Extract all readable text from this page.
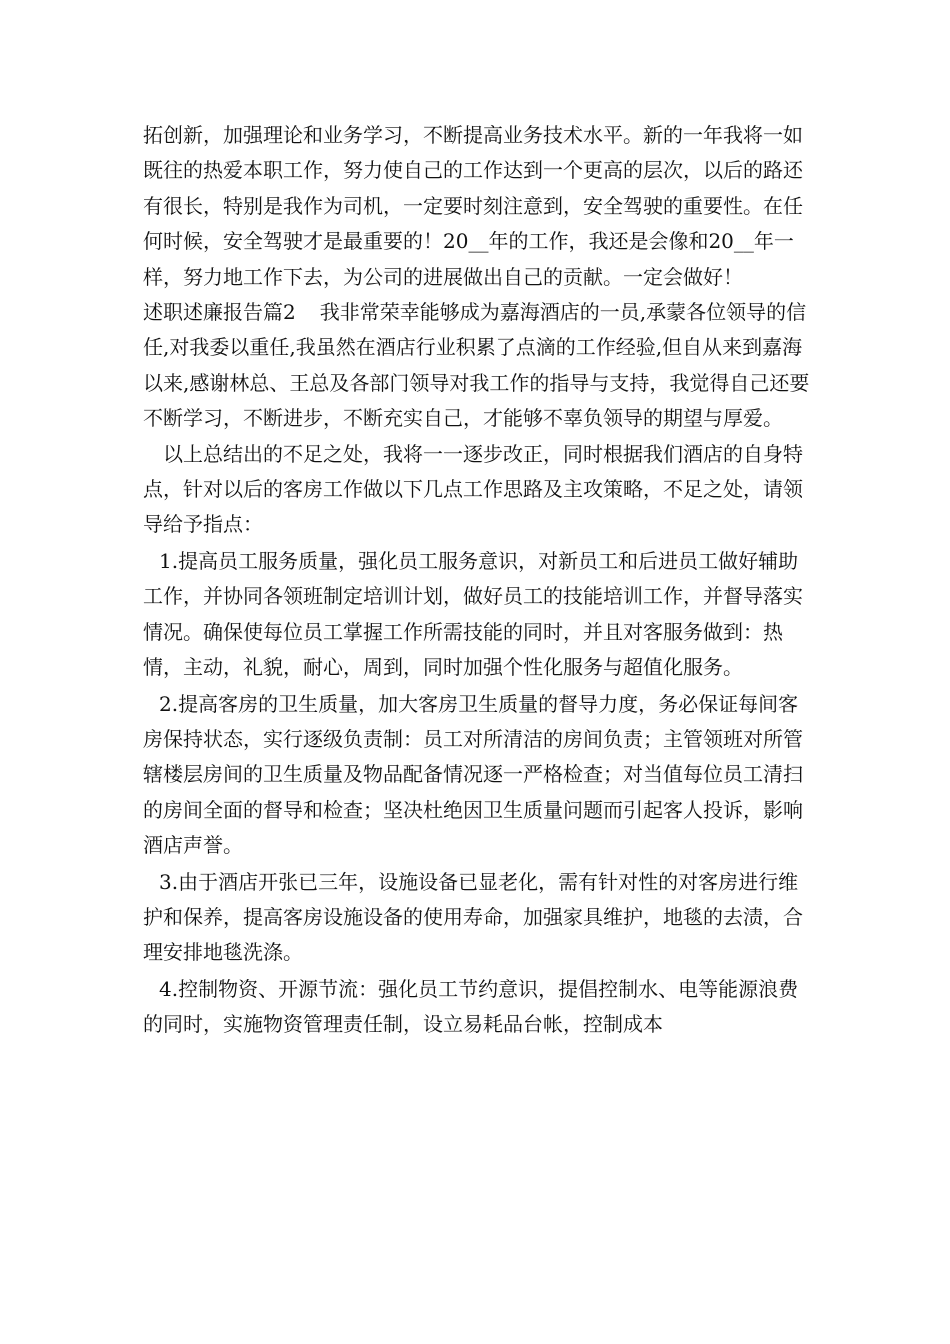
拓创新，加强理论和业务学习，不断提高业务技术水平。新的一年我将一如既往的热爱本职工作，努力使自己的工作达到一个更高的层次，以后的路还有很长，特别是我作为司机，一定要时刻注意到，安全驾驶的重要性。在任何时候，安全驾驶才是最重要的！20__年的工作，我还是会像和20__年一样，努力地工作下去，为公司的进展做出自己的贡献。一定会做好！

述职述廉报告篇2 我非常荣幸能够成为嘉海酒店的一员,承蒙各位领导的信任,对我委以重任,我虽然在酒店行业积累了点滴的工作经验,但自从来到嘉海以来,感谢林总、王总及各部门领导对我工作的指导与支持，我觉得自己还要不断学习，不断进步，不断充实自己，才能够不辜负领导的期望与厚爱。

以上总结出的不足之处，我将一一逐步改正，同时根据我们酒店的自身特点，针对以后的客房工作做以下几点工作思路及主攻策略，不足之处，请领导给予指点：

1.提高员工服务质量，强化员工服务意识，对新员工和后进员工做好辅助工作，并协同各领班制定培训计划，做好员工的技能培训工作，并督导落实情况。确保使每位员工掌握工作所需技能的同时，并且对客服务做到：热情，主动，礼貌，耐心，周到，同时加强个性化服务与超值化服务。

2.提高客房的卫生质量，加大客房卫生质量的督导力度，务必保证每间客房保持状态，实行逐级负责制：员工对所清洁的房间负责；主管领班对所管辖楼层房间的卫生质量及物品配备情况逐一严格检查；对当值每位员工清扫的房间全面的督导和检查；坚决杜绝因卫生质量问题而引起客人投诉，影响酒店声誉。

3.由于酒店开张已三年，设施设备已显老化，需有针对性的对客房进行维护和保养，提高客房设施设备的使用寿命，加强家具维护，地毯的去渍，合理安排地毯洗涤。

4.控制物资、开源节流：强化员工节约意识，提倡控制水、电等能源浪费的同时，实施物资管理责任制，设立易耗品台帐，控制成本
